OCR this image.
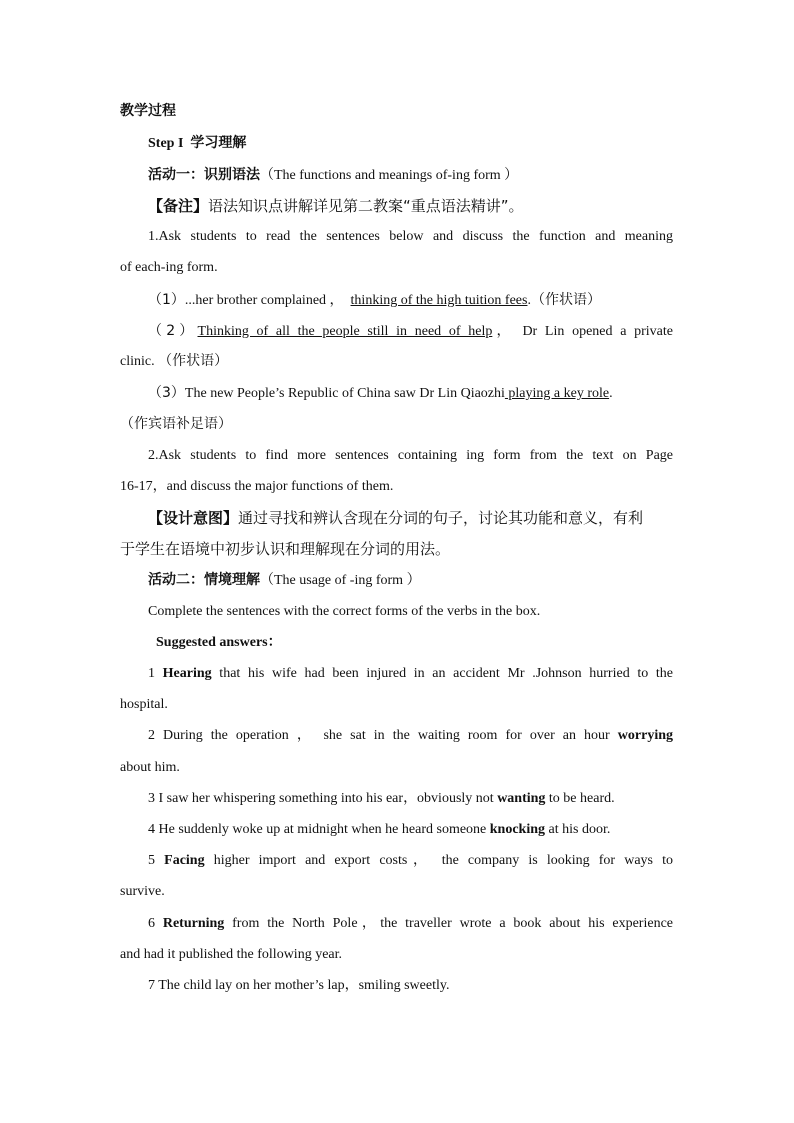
教学过程
Step I 学习理解
活动一：识别语法（The functions and meanings of-ing form ）
【备注】语法知识点讲解详见第二教案“重点语法精讲”。
1.Ask students to read the sentences below and discuss the function and meaning
of each-ing form.
（1）...her brother complained ， thinking of the high tuition fees.（作状语）
（2）Thinking of all the people still in need of help， Dr Lin opened a private
clinic. （作状语）
（3）The new People’s Republic of China saw Dr Lin Qiaozhi playing a key role.
（作宾语补足语）
2.Ask students to find more sentences containing ing form from the text on Page
16-17，and discuss the major functions of them.
【设计意图】通过寻找和辨认含现在分词的句子，讨论其功能和意义，有利
于学生在语境中初步认识和理解现在分词的用法。
活动二：情境理解（The usage of -ing form ）
Complete the sentences with the correct forms of the verbs in the box.
Suggested answers：
1 Hearing that his wife had been injured in an accident Mr .Johnson hurried to the
hospital.
2 During the operation ， she sat in the waiting room for over an hour worrying
about him.
3 I saw her whispering something into his ear，obviously not wanting to be heard.
4 He suddenly woke up at midnight when he heard someone knocking at his door.
5 Facing higher import and export costs， the company is looking for ways to
survive.
6 Returning from the North Pole，the traveller wrote a book about his experience
and had it published the following year.
7 The child lay on her mother’s lap，smiling sweetly.
